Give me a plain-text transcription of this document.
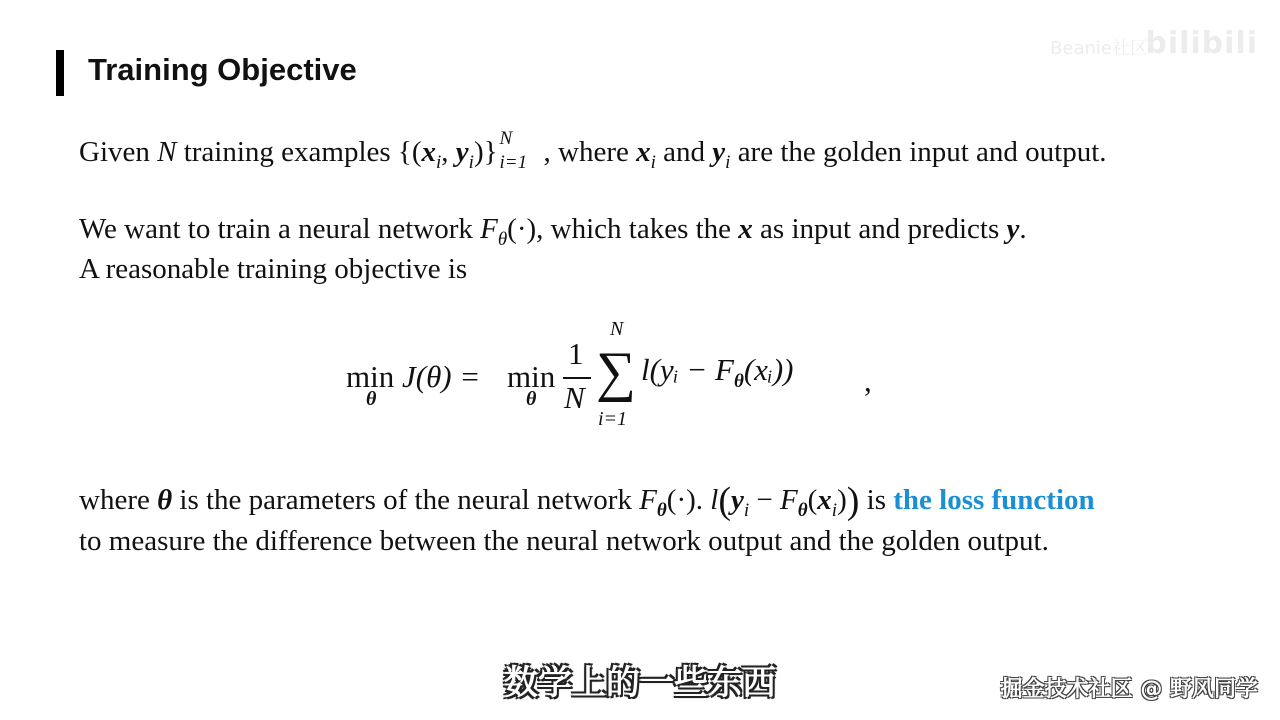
Training Objective
Beanie社区
bilibili
Given N training examples {($x_i$, $y_i$)} N
i=1 , where $x_i$ and $y_i$ are the golden input and output.
We want to train a neural network $F_\theta(\cdot)$, which takes the x as input and predicts y.
A reasonable training objective is
min
θ
J(θ) = min
θ
1
N
N
∑
i=1
l(yᵢ − $F_\theta(xᵢ)$) ,
where θ is the parameters of the neural network $F_\theta(\cdot)$. $l(y_i - F_\theta(x_i))$ is the loss function
to measure the difference between the neural network output and the golden output.
数学上的一些东西	掘金技术社区 @ 野风同学
